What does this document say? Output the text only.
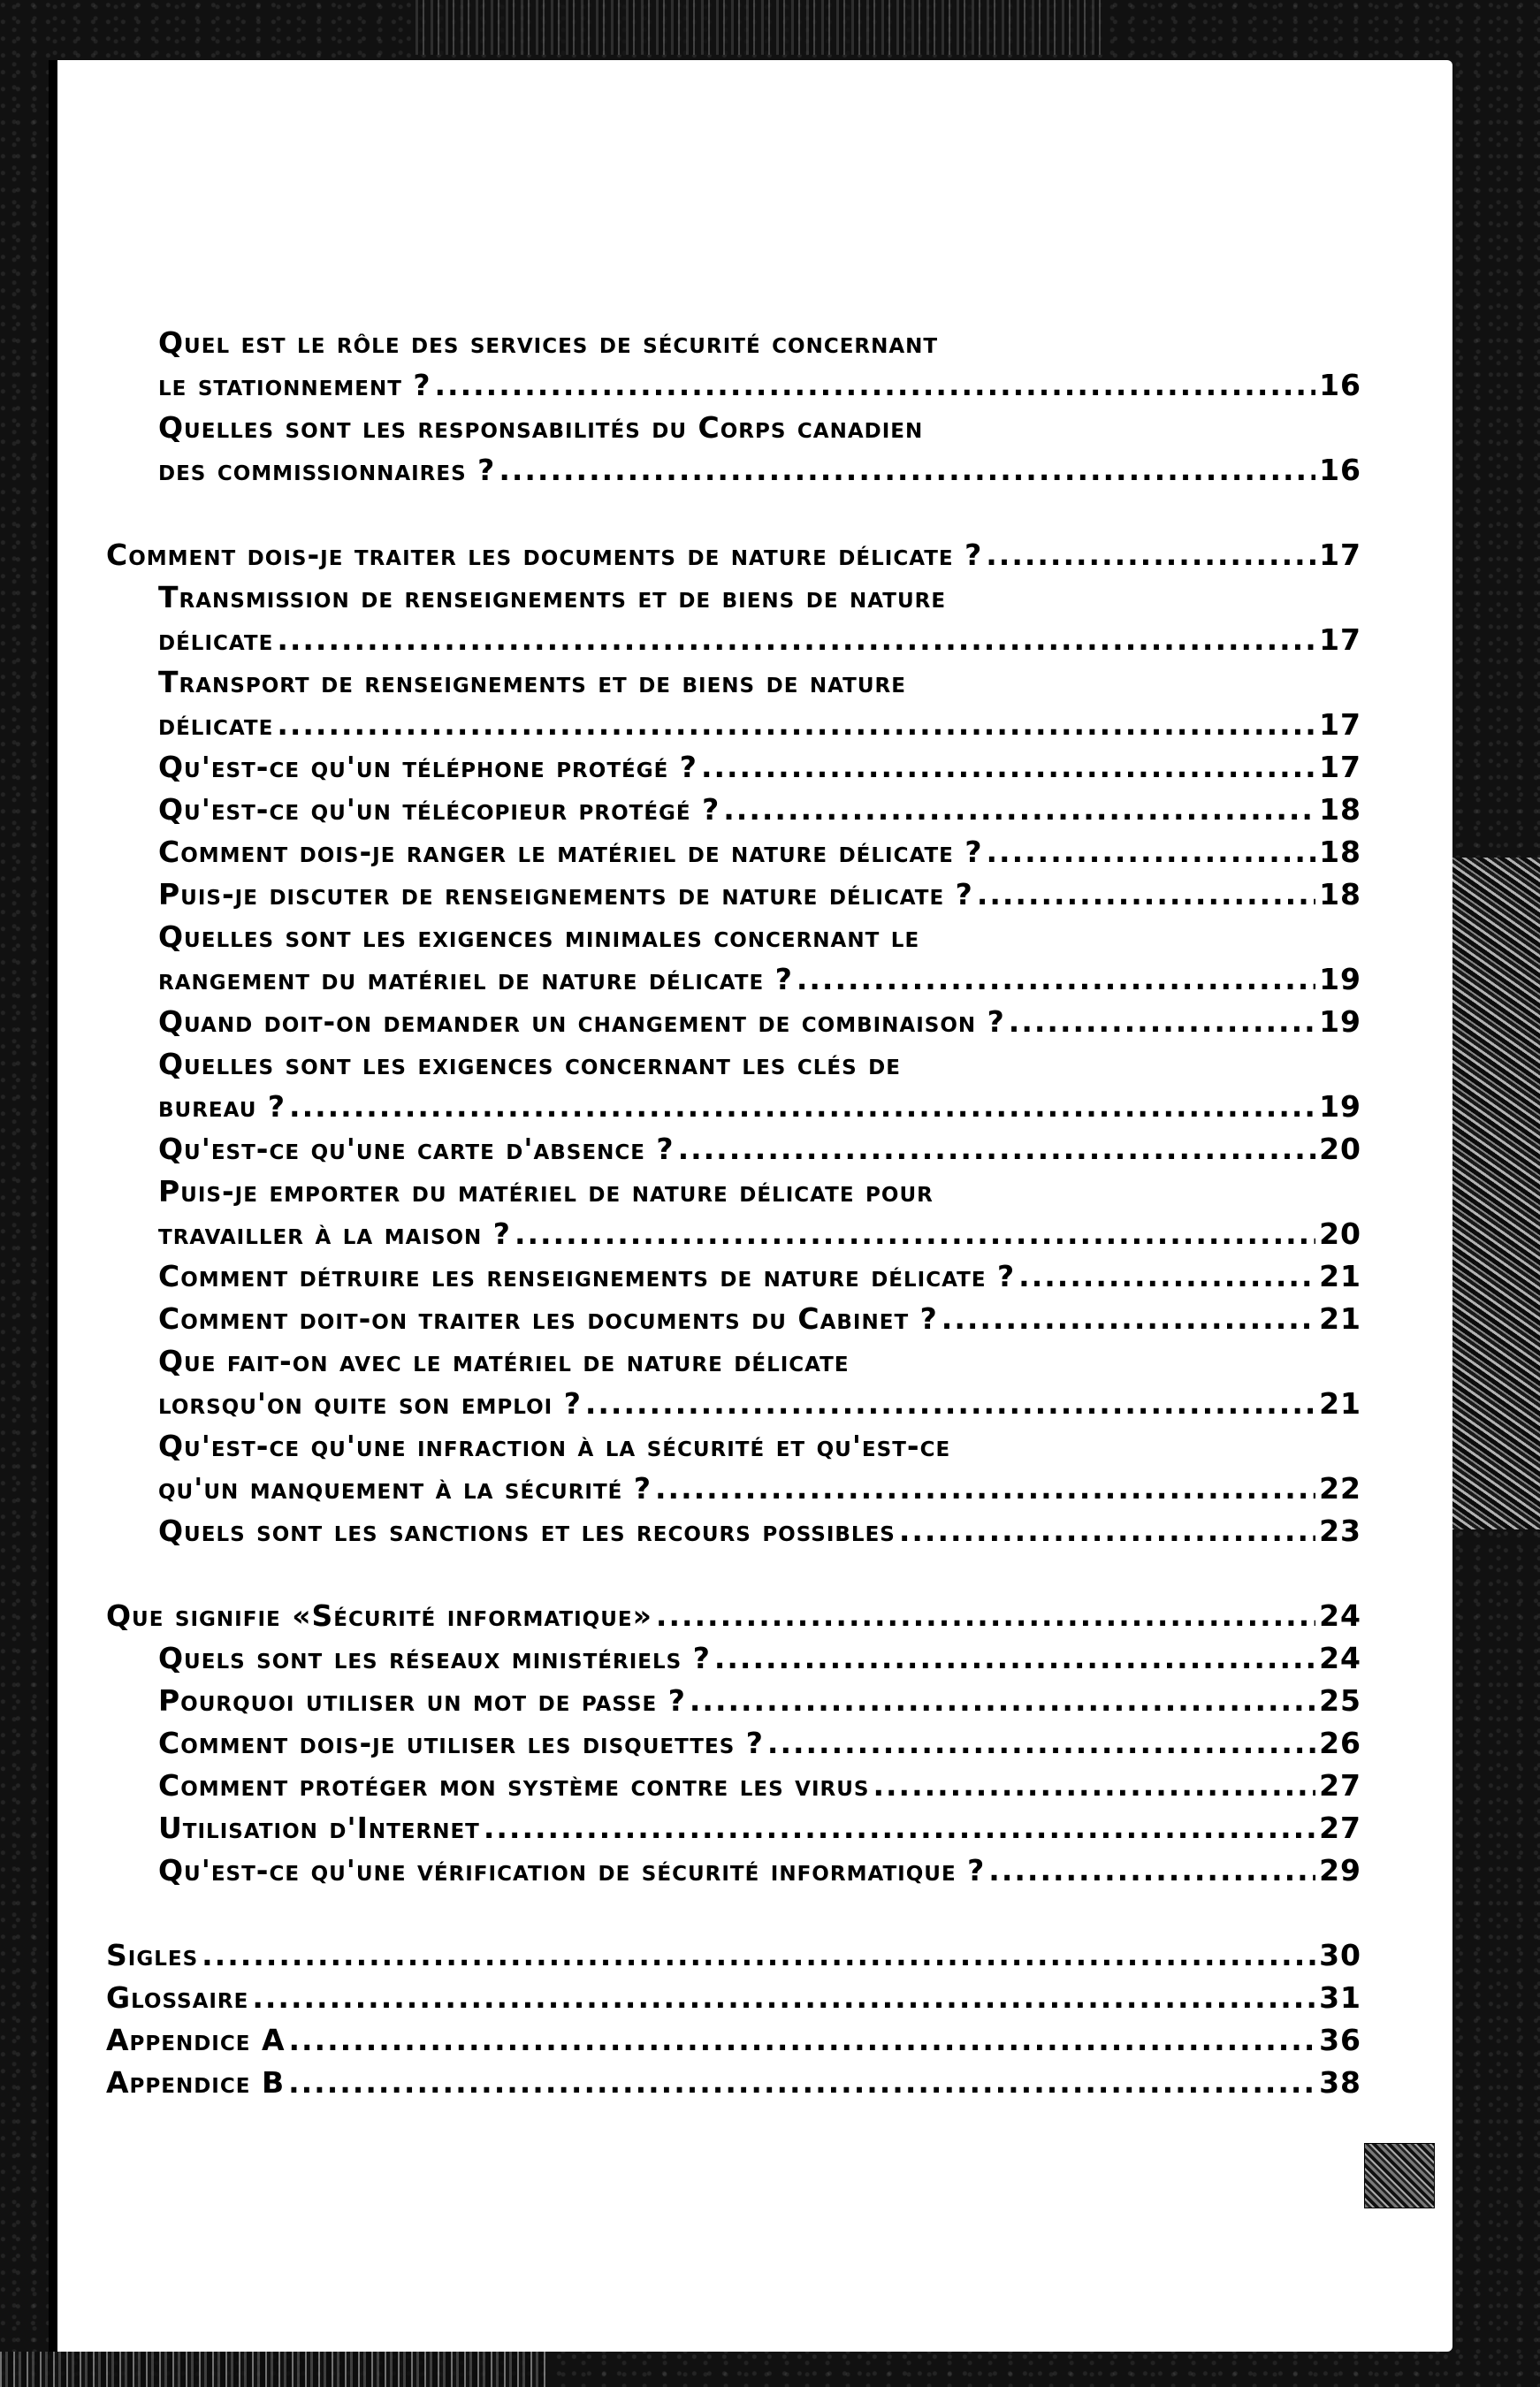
Quel est le rôle des services de sécurité concernant
le stationnement ? .....	16
Quelles sont les responsabilités du Corps canadien
des commissionnaires ? .....	16
Comment dois-je traiter les documents de nature délicate ? .....	17
Transmission de renseignements et de biens de nature
délicate .....	17
Transport de renseignements et de biens de nature
délicate .....	17
Qu'est-ce qu'un téléphone protégé ? .....	17
Qu'est-ce qu'un télécopieur protégé ? .....	18
Comment dois-je ranger le matériel de nature délicate ? .....	18
Puis-je discuter de renseignements de nature délicate ? .....	18
Quelles sont les exigences minimales concernant le
rangement du matériel de nature délicate ? .....	19
Quand doit-on demander un changement de combinaison ? .....	19
Quelles sont les exigences concernant les clés de
bureau ? .....	19
Qu'est-ce qu'une carte d'absence ? .....	20
Puis-je emporter du matériel de nature délicate pour
travailler à la maison ? .....	20
Comment détruire les renseignements de nature délicate ? .....	21
Comment doit-on traiter les documents du Cabinet ? .....	21
Que fait-on avec le matériel de nature délicate
lorsqu'on quite son emploi ? .....	21
Qu'est-ce qu'une infraction à la sécurité et qu'est-ce
qu'un manquement à la sécurité ? .....	22
Quels sont les sanctions et les recours possibles .....	23
Que signifie «Sécurité informatique» .....	24
Quels sont les réseaux ministériels ? .....	24
Pourquoi utiliser un mot de passe ? .....	25
Comment dois-je utiliser les disquettes ? .....	26
Comment protéger mon système contre les virus .....	27
Utilisation d'Internet .....	27
Qu'est-ce qu'une vérification de sécurité informatique ? .....	29
Sigles .....	30
Glossaire .....	31
Appendice A .....	36
Appendice B .....	38
